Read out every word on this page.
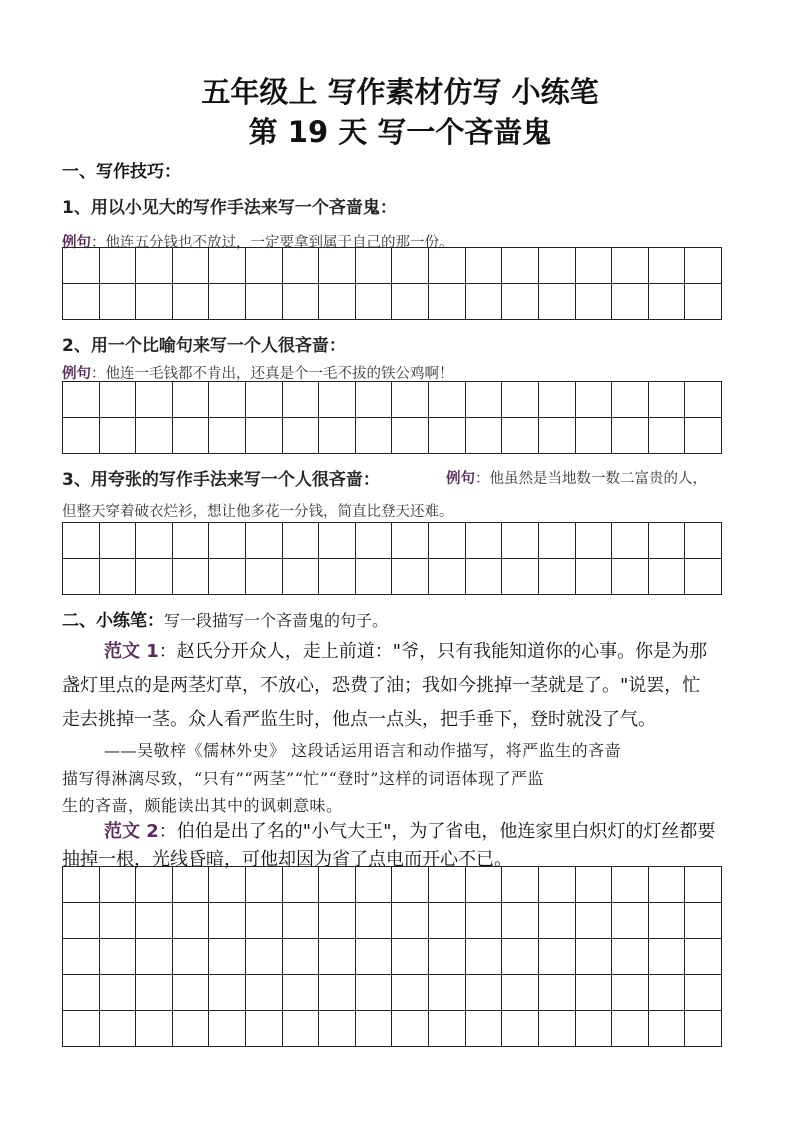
五年级上 写作素材仿写 小练笔
第 19 天 写一个吝啬鬼
一、写作技巧：
1、用以小见大的写作手法来写一个吝啬鬼：
例句：他连五分钱也不放过，一定要拿到属于自己的那一份。

2、用一个比喻句来写一个人很吝啬：
例句：他连一毛钱都不肯出，还真是个一毛不拔的铁公鸡啊！

3、用夸张的写作手法来写一个人很吝啬：	例句：他虽然是当地数一数二富贵的人，
但整天穿着破衣烂衫，想让他多花一分钱，简直比登天还难。

二、小练笔：写一段描写一个吝啬鬼的句子。
范文 1：赵氏分开众人，走上前道："爷，只有我能知道你的心事。你是为那
盏灯里点的是两茎灯草，不放心，恐费了油；我如今挑掉一茎就是了。"说罢，忙
走去挑掉一茎。众人看严监生时，他点一点头，把手垂下，登时就没了气。
——吴敬梓《儒林外史》 这段话运用语言和动作描写，将严监生的吝啬
描写得淋漓尽致，“只有”“两茎”“忙”“登时”这样的词语体现了严监
生的吝啬，颇能读出其中的讽刺意味。
范文 2：伯伯是出了名的"小气大王"，为了省电，他连家里白炽灯的灯丝都要
抽掉一根，光线昏暗，可他却因为省了点电而开心不已。
